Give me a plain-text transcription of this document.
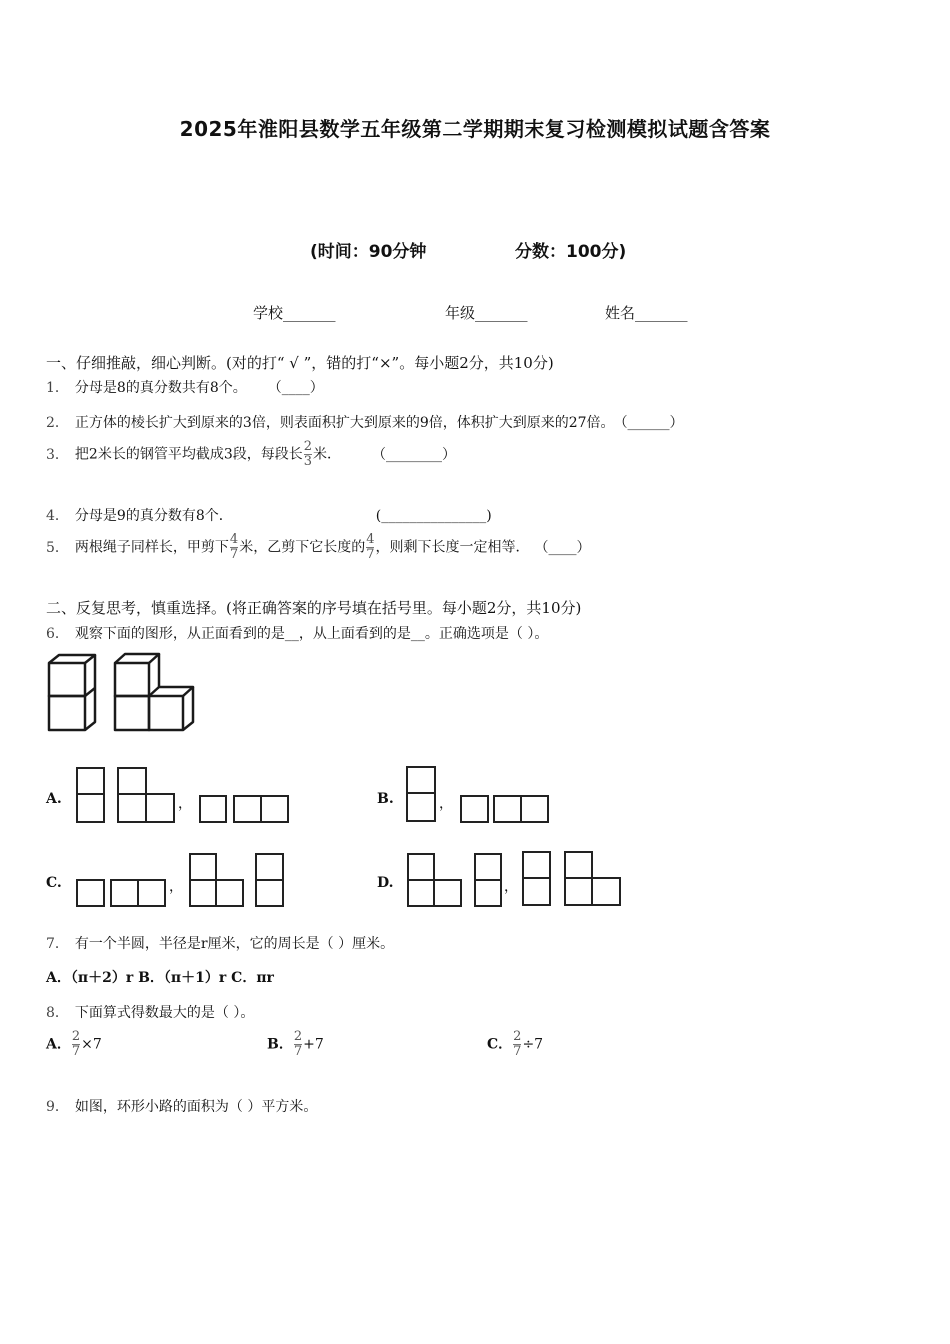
2025年淮阳县数学五年级第二学期期末复习检测模拟试题含答案
(时间：90分钟	分数：100分)
学校_______	年级_______	姓名_______
一、仔细推敲，细心判断。(对的打“ √ ”，错的打“×”。每小题2分，共10分)
1． 分母是8的真分数共有8个。 （____）
2． 正方体的棱长扩大到原来的3倍，则表面积扩大到原来的9倍，体积扩大到原来的27倍。 （______）
3． 把2米长的钢管平均截成3段，每段长 $\frac{2}{3}$ 米．	（________）
4． 分母是9的真分数有8个．	(_______________)
5． 两根绳子同样长，甲剪下 $\frac{4}{7}$ 米，乙剪下它长度的 $\frac{4}{7}$ ，则剩下长度一定相等． （____）
二、反复思考，慎重选择。(将正确答案的序号填在括号里。每小题2分，共10分)
6． 观察下面的图形，从正面看到的是__，从上面看到的是__。正确选项是（ ）。
A.	，	B.	，
C.	，	D.	，
7． 有一个半圆，半径是r厘米，它的周长是（ ）厘米。
A．（π＋2）r B．（π＋1）r C．πr
8． 下面算式得数最大的是（ ）。
A． $\frac{2}{7} \times 7$	B． $\frac{2}{7} +7$	C． $\frac{2}{7} \div 7$
9． 如图，环形小路的面积为（ ）平方米。
